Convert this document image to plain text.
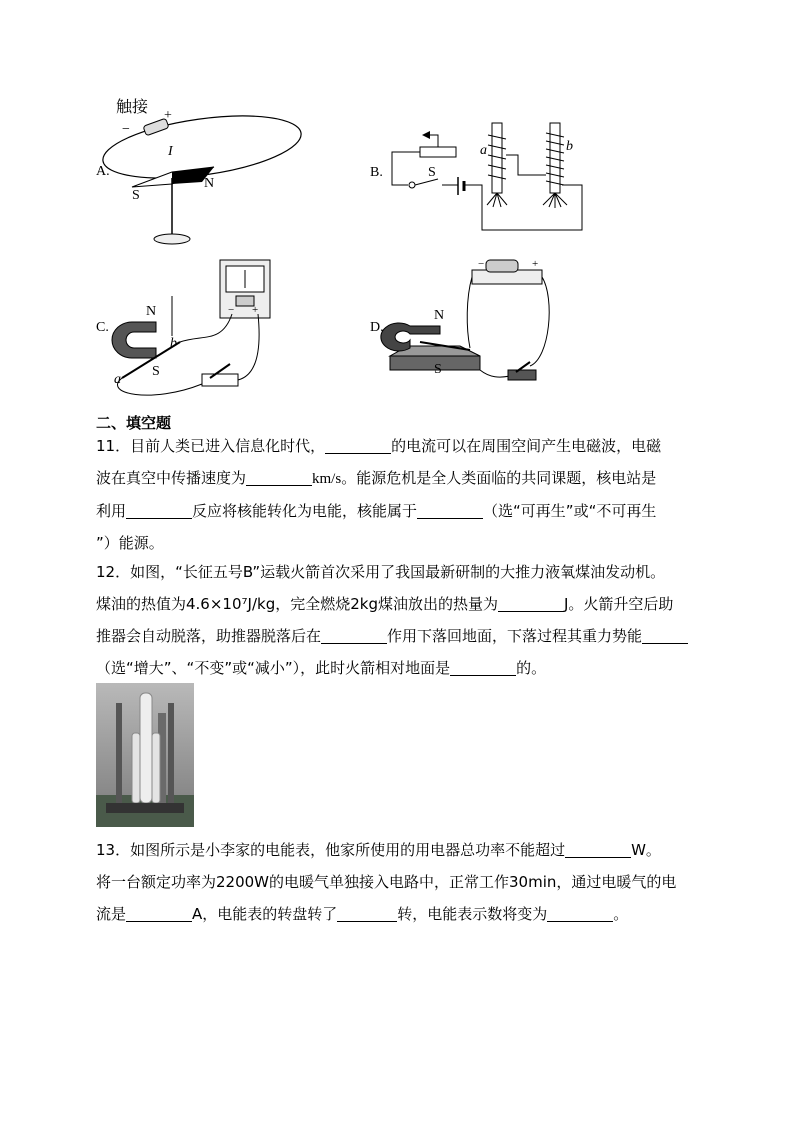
A.
触接
−
+
I
S
N
B.
a	b
S
C.
N
S
a
b
− +
D.
N
S
−	+
二、填空题
11．目前人类已进入信息化时代，	的电流可以在周围空间产生电磁波，电磁
波在真空中传播速度为	km/s。能源危机是全人类面临的共同课题，核电站是
利用	反应将核能转化为电能，核能属于	（选“可再生”或“不可再生
”）能源。
12．如图，“长征五号B”运载火箭首次采用了我国最新研制的大推力液氧煤油发动机。
煤油的热值为4.6×10⁷J/kg，完全燃烧2kg煤油放出的热量为	J。火箭升空后助
推器会自动脱落，助推器脱落后在	作用下落回地面，下落过程其重力势能
（选“增大”、“不变”或“减小”），此时火箭相对地面是	的。
13．如图所示是小李家的电能表，他家所使用的用电器总功率不能超过	W。
将一台额定功率为2200W的电暖气单独接入电路中，正常工作30min，通过电暖气的电
流是	A，电能表的转盘转了	转，电能表示数将变为	。
